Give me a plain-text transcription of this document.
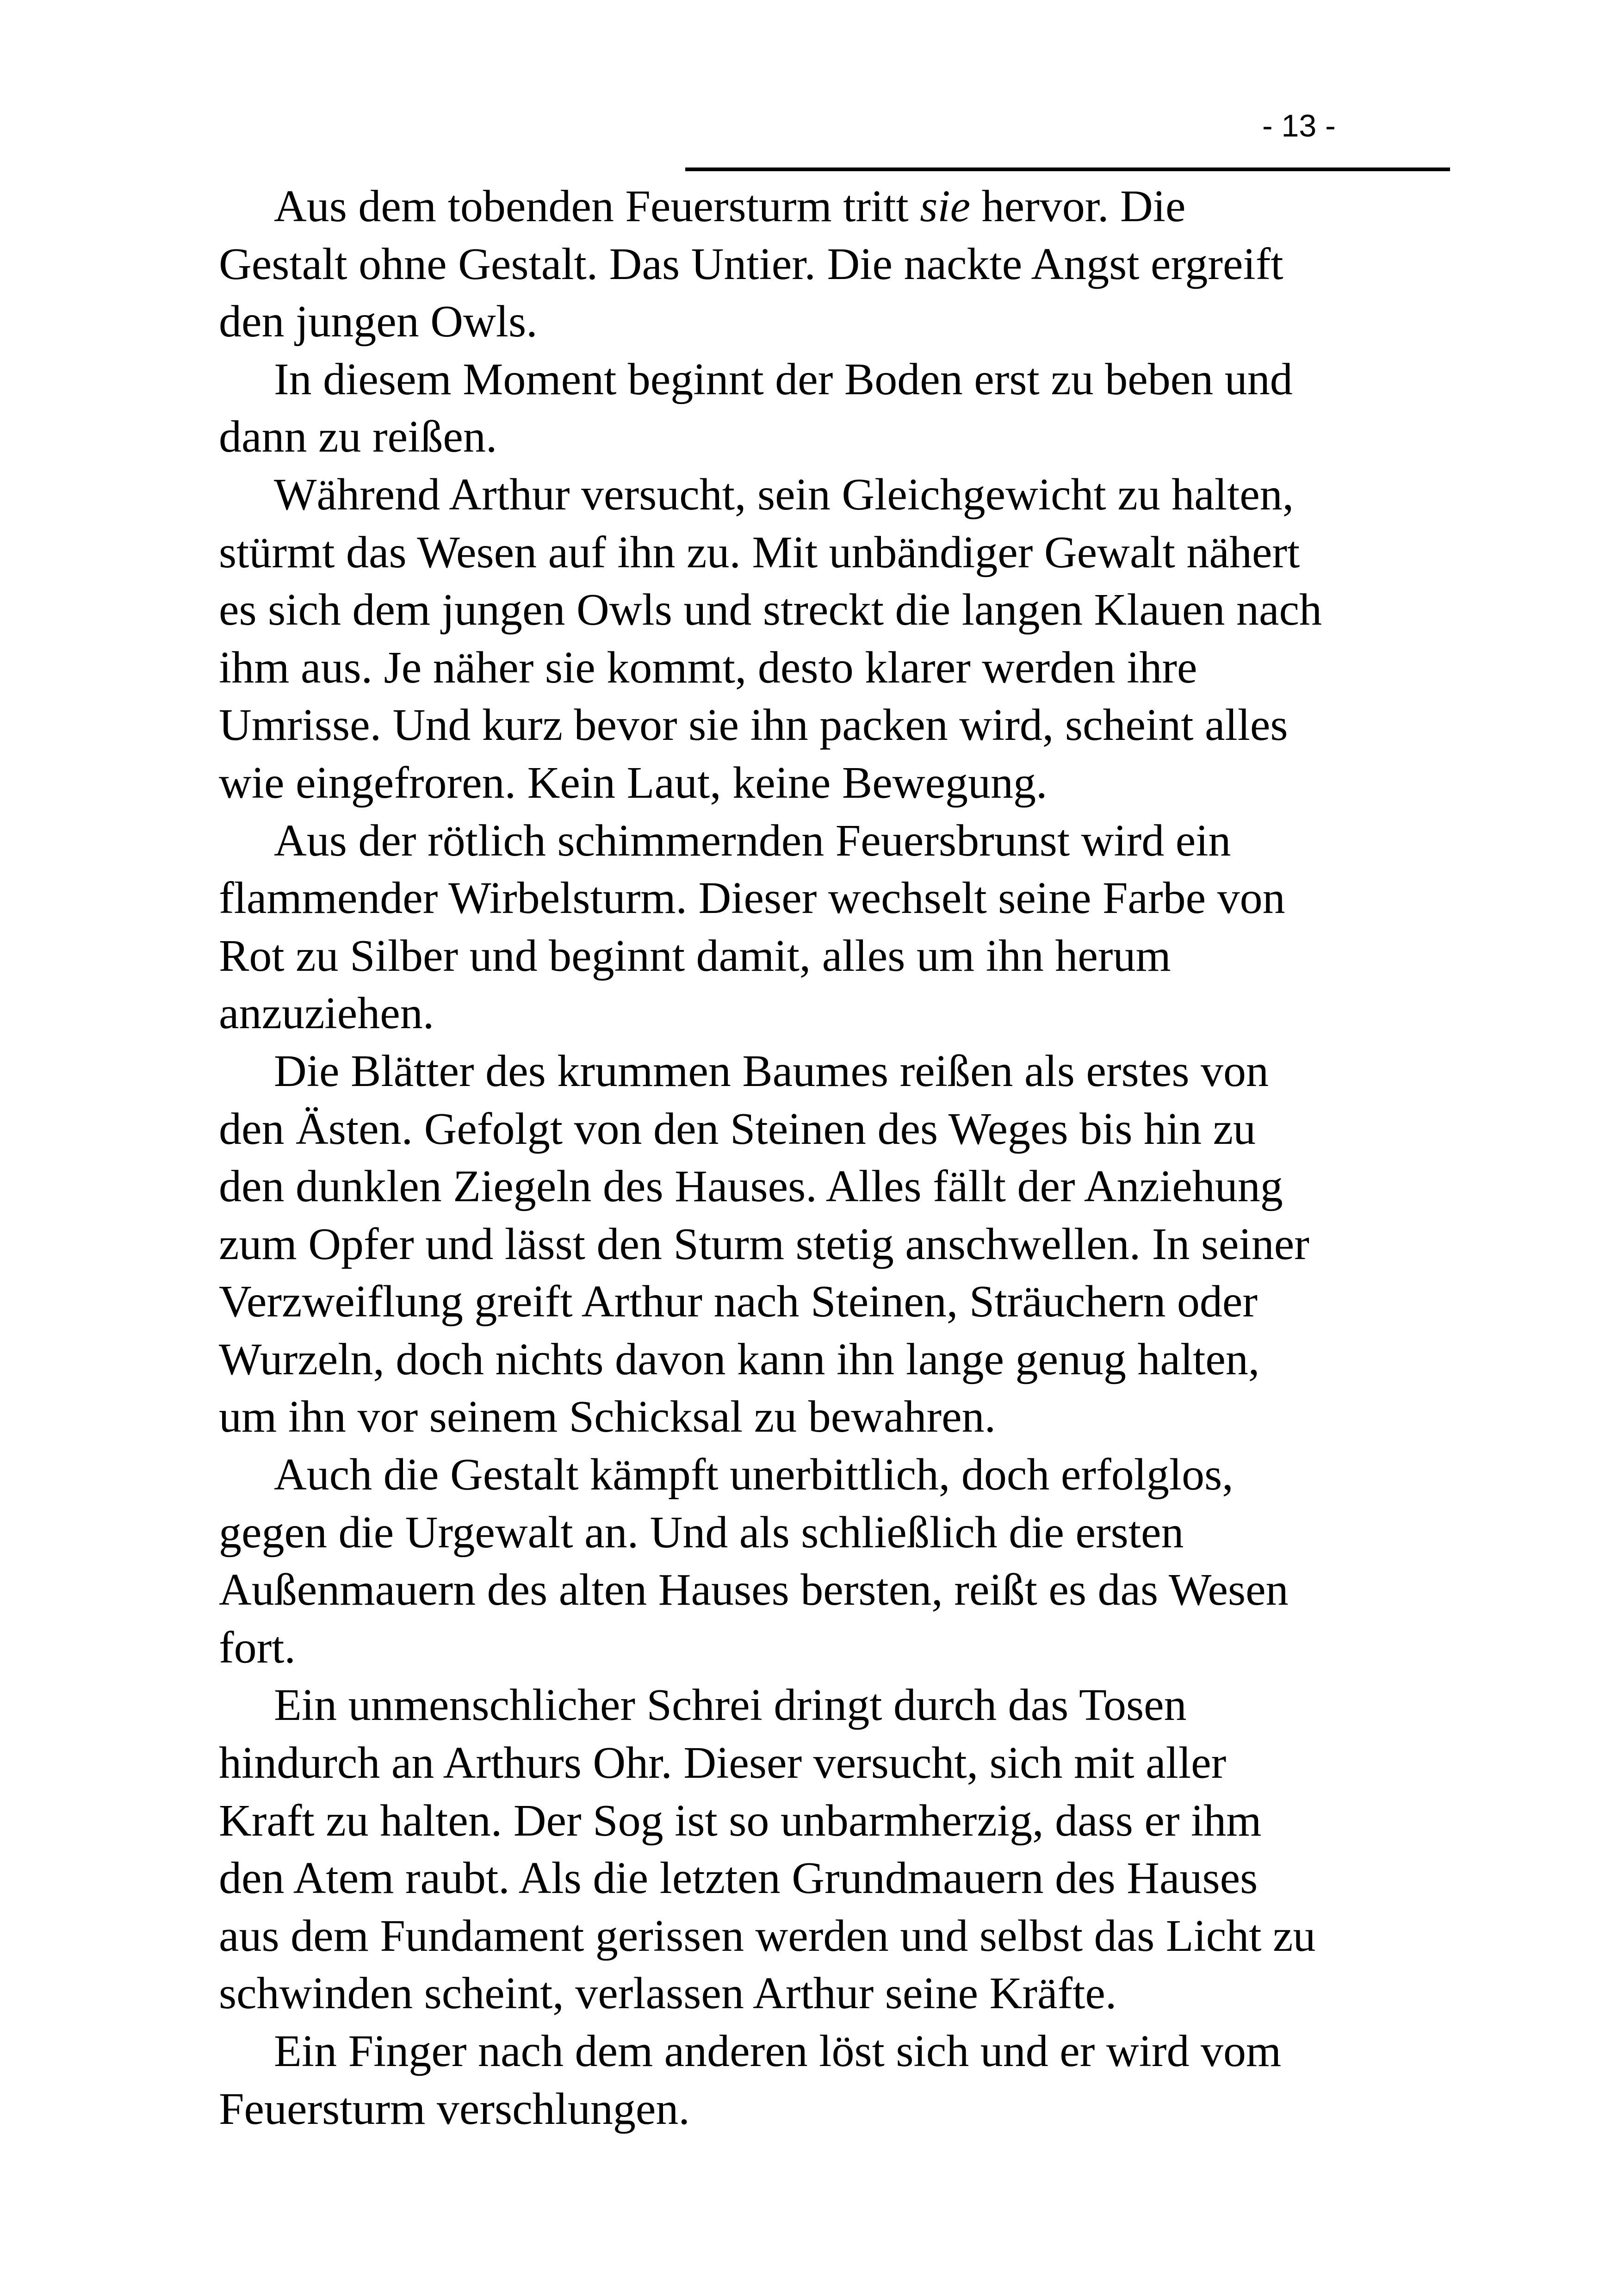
- 13 -

Aus dem tobenden Feuersturm tritt sie hervor. Die
Gestalt ohne Gestalt. Das Untier. Die nackte Angst ergreift
den jungen Owls.

In diesem Moment beginnt der Boden erst zu beben und
dann zu reißen.

Während Arthur versucht, sein Gleichgewicht zu halten,
stürmt das Wesen auf ihn zu. Mit unbändiger Gewalt nähert
es sich dem jungen Owls und streckt die langen Klauen nach
ihm aus. Je näher sie kommt, desto klarer werden ihre
Umrisse. Und kurz bevor sie ihn packen wird, scheint alles
wie eingefroren. Kein Laut, keine Bewegung.

Aus der rötlich schimmernden Feuersbrunst wird ein
flammender Wirbelsturm. Dieser wechselt seine Farbe von
Rot zu Silber und beginnt damit, alles um ihn herum
anzuziehen.

Die Blätter des krummen Baumes reißen als erstes von
den Ästen. Gefolgt von den Steinen des Weges bis hin zu
den dunklen Ziegeln des Hauses. Alles fällt der Anziehung
zum Opfer und lässt den Sturm stetig anschwellen. In seiner
Verzweiflung greift Arthur nach Steinen, Sträuchern oder
Wurzeln, doch nichts davon kann ihn lange genug halten,
um ihn vor seinem Schicksal zu bewahren.

Auch die Gestalt kämpft unerbittlich, doch erfolglos,
gegen die Urgewalt an. Und als schließlich die ersten
Außenmauern des alten Hauses bersten, reißt es das Wesen
fort.

Ein unmenschlicher Schrei dringt durch das Tosen
hindurch an Arthurs Ohr. Dieser versucht, sich mit aller
Kraft zu halten. Der Sog ist so unbarmherzig, dass er ihm
den Atem raubt. Als die letzten Grundmauern des Hauses
aus dem Fundament gerissen werden und selbst das Licht zu
schwinden scheint, verlassen Arthur seine Kräfte.

Ein Finger nach dem anderen löst sich und er wird vom
Feuersturm verschlungen.
